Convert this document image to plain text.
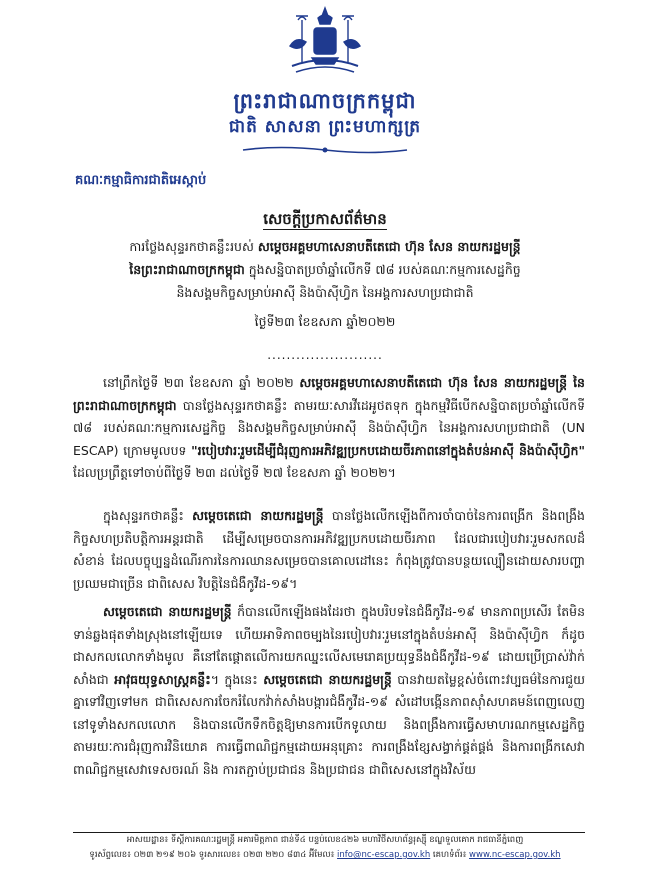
ព្រះរាជាណាចក្រកម្ពុជា
ជាតិ សាសនា ព្រះមហាក្សត្រ
គណៈកម្មាធិការជាតិអេស្កាប់
សេចក្តីប្រកាសព័ត៌មាន
ការថ្លែងសុន្ទរកថាគន្លឹះរបស់ សម្តេចអគ្គមហាសេនាបតីតេជោ ហ៊ុន សែន នាយករដ្ឋមន្ត្រី
នៃព្រះរាជាណាចក្រកម្ពុជា ក្នុងសន្និបាតប្រចាំឆ្នាំលើកទី ៧៨ របស់គណៈកម្មការសេដ្ឋកិច្ច
និងសង្គមកិច្ចសម្រាប់អាស៊ី និងប៉ាស៊ីហ្វិក នៃអង្គការសហប្រជាជាតិ
ថ្ងៃទី២៣ ខែឧសភា ឆ្នាំ២០២២
........................
នៅព្រឹកថ្ងៃទី ២៣ ខែឧសភា ឆ្នាំ ២០២២ សម្តេចអគ្គមហាសេនាបតីតេជោ ហ៊ុន សែន នាយករដ្ឋមន្ត្រី នៃព្រះរាជាណាចក្រកម្ពុជា បានថ្លែងសុន្ទរកថាគន្លឹះ តាមរយៈសារវីដេអូថតទុក ក្នុងកម្មវិធីបើកសន្និបាតប្រចាំឆ្នាំលើកទី ៧៨ របស់គណៈកម្មការសេដ្ឋកិច្ច និងសង្គមកិច្ចសម្រាប់អាស៊ី និងប៉ាស៊ីហ្វិក នៃអង្គការសហប្រជាជាតិ (UN ESCAP) ក្រោមមូលបទ "របៀបវារៈរួមដើម្បីជំរុញការអភិវឌ្ឍប្រកបដោយចីរភាពនៅក្នុងតំបន់អាស៊ី និងប៉ាស៊ីហ្វិក" ដែលប្រព្រឹត្តទៅចាប់ពីថ្ងៃទី ២៣ ដល់ថ្ងៃទី ២៧ ខែឧសភា ឆ្នាំ ២០២២។
ក្នុងសុន្ទរកថាគន្លឹះ សម្តេចតេជោ នាយករដ្ឋមន្ត្រី បានថ្លែងលើកឡើងពីការចាំបាច់នៃការពង្រើក និងពង្រឹងកិច្ចសហប្រតិបត្តិការអន្តរជាតិ ដើម្បីសម្រេចបានការអភិវឌ្ឍប្រកបដោយចីរភាព ដែលជារបៀបវារៈរួមសកលដ៏សំខាន់ ដែលបច្ចុប្បន្នដំណើរការនៃការឈានសម្រេចបានគោលដៅនេះ កំពុងត្រូវបានបន្ថយល្បឿនដោយសារបញ្ហាប្រឈមជាច្រើន ជាពិសេស វិបត្តិនៃជំងឺកូវីដ-១៩។
សម្តេចតេជោ នាយករដ្ឋមន្ត្រី ក៏បានលើកឡើងផងដែរថា ក្នុងបរិបទនៃជំងឺកូវីដ-១៩ មានភាពប្រសើរ តែមិនទាន់ឆ្លងផុតទាំងស្រុងនៅឡើយទេ ហើយអាទិភាពចម្បងនៃរបៀបវារៈរួមនៅក្នុងតំបន់អាស៊ី និងប៉ាស៊ីហ្វិក ក៏ដូចជាសកលលោកទាំងមូល គឺនៅតែផ្តោតលើការយកឈ្នះលើសមេរោគប្រយុទ្ធនឹងជំងឺកូវីដ-១៩ ដោយប្រើប្រាស់វ៉ាក់សាំងជា អាវុធយុទ្ធសាស្ត្រគន្លឹះ។ ក្នុងនេះ សម្តេចតេជោ នាយករដ្ឋមន្ត្រី បានវាយតម្លៃខ្ពស់ចំពោះវប្បធម៌នៃការជួយគ្នាទៅវិញទៅមក ជាពិសេសការចែករំលែកវ៉ាក់សាំងបង្ការជំងឺកូវីដ-១៩ សំដៅបង្កើនភាពស៊ាំសហគមន៍ពេញលេញនៅទូទាំងសកលលោក និងបានលើកទឹកចិត្តឱ្យមានការបើកទូលាយ និងពង្រឹងការធ្វើសមាហរណកម្មសេដ្ឋកិច្ច តាមរយៈការជំរុញការវិនិយោគ ការធ្វើពាណិជ្ជកម្មដោយអនុគ្រោះ ការពង្រឹងខ្សែសង្វាក់ផ្គត់ផ្គង់ និងការពង្រីកសេវាពាណិជ្ជកម្មសេវាទេសចរណ៍ និង ការតភ្ជាប់ប្រជាជន និងប្រជាជន ជាពិសេសនៅក្នុងវិស័យ
អាសយដ្ឋាន៖ ទីស្តីការគណៈរដ្ឋមន្ត្រី អគារមិត្តភាព ជាន់ទី៤ បន្ទប់លេខ៤២៦ មហាវិថីសហព័ន្ធរុស្ស៊ី ខណ្ឌទួលគោក រាជធានីភ្នំពេញ
ទូរស័ព្ទលេខ៖ ០២៣ ២១៩ ២០៦ ទូរសារលេខ៖ ០២៣ ២២០ ៨៣៤ អ៊ីមែល៖ info@nc-escap.gov.kh គេហទំព័រ៖ www.nc-escap.gov.kh
